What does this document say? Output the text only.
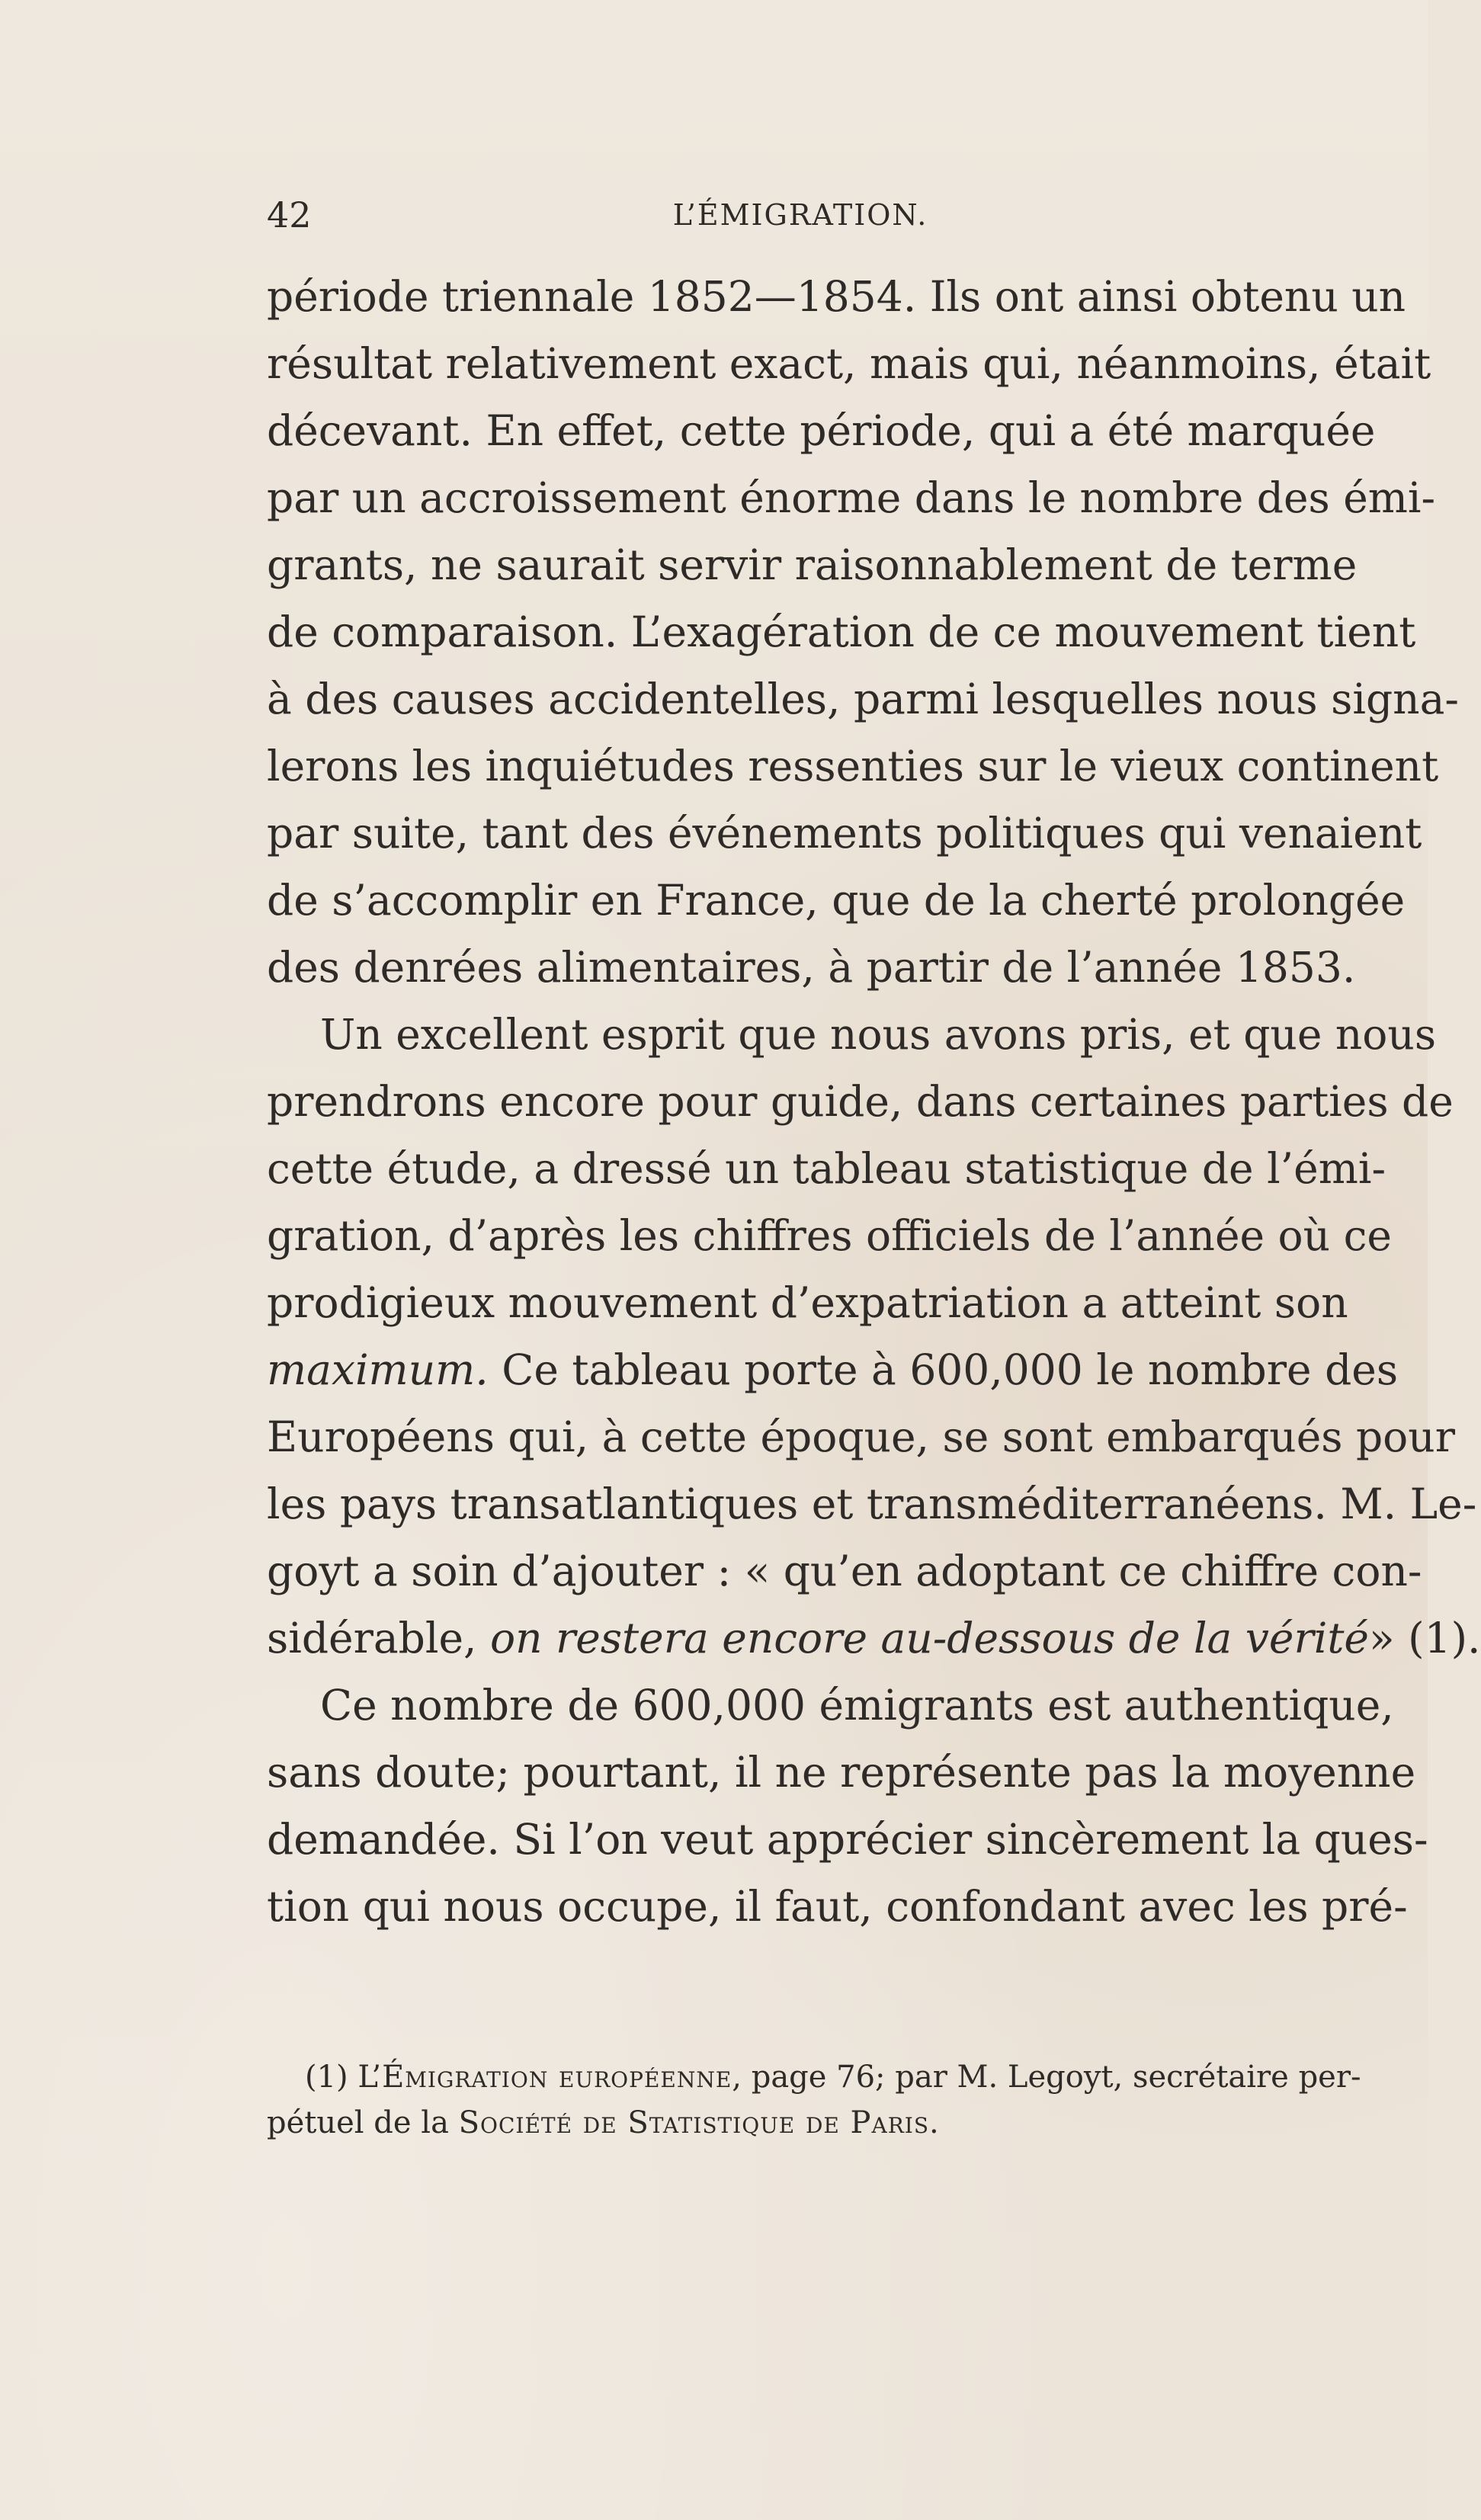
42	L’ÉMIGRATION.
période triennale 1852—1854. Ils ont ainsi obtenu un
résultat relativement exact, mais qui, néanmoins, était
décevant. En effet, cette période, qui a été marquée
par un accroissement énorme dans le nombre des émi-
grants, ne saurait servir raisonnablement de terme
de comparaison. L’exagération de ce mouvement tient
à des causes accidentelles, parmi lesquelles nous signa-
lerons les inquiétudes ressenties sur le vieux continent
par suite, tant des événements politiques qui venaient
de s’accomplir en France, que de la cherté prolongée
des denrées alimentaires, à partir de l’année 1853.
Un excellent esprit que nous avons pris, et que nous
prendrons encore pour guide, dans certaines parties de
cette étude, a dressé un tableau statistique de l’émi-
gration, d’après les chiffres officiels de l’année où ce
prodigieux mouvement d’expatriation a atteint son
maximum. Ce tableau porte à 600,000 le nombre des
Européens qui, à cette époque, se sont embarqués pour
les pays transatlantiques et transméditerranéens. M. Le-
goyt a soin d’ajouter : « qu’en adoptant ce chiffre con-
sidérable, on restera encore au-dessous de la vérité» (1).
Ce nombre de 600,000 émigrants est authentique,
sans doute; pourtant, il ne représente pas la moyenne
demandée. Si l’on veut apprécier sincèrement la ques-
tion qui nous occupe, il faut, confondant avec les pré-
(1) L’Émigration européenne, page 76; par M. Legoyt, secrétaire per-
pétuel de la Société de Statistique de Paris.
